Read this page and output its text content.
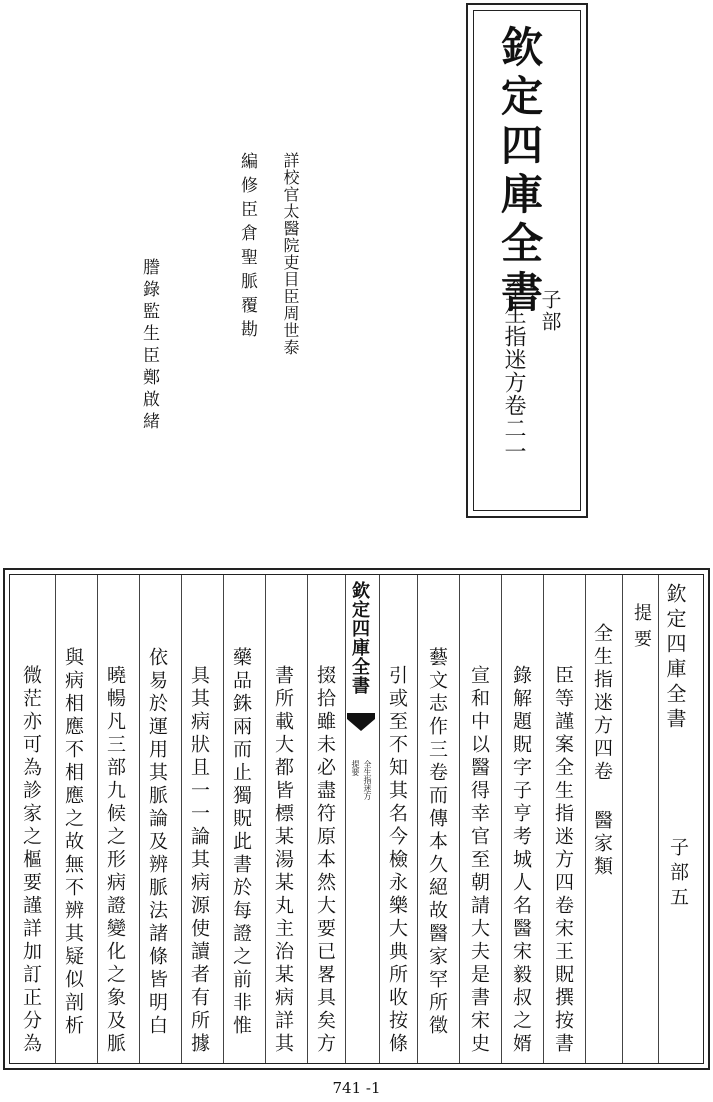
欽定四庫全書
子部
全生指迷方卷二一
詳校官太醫院吏目臣周世泰
編修臣倉聖脈覆勘
謄錄監生臣鄭啟緒
欽定四庫全書
子部五
提要
全生指迷方四卷 醫家類
臣等謹案全生指迷方四卷宋王貺撰按書
錄解題貺字子亨考城人名醫宋毅叔之婿
宣和中以醫得幸官至朝請大夫是書宋史
藝文志作三卷而傳本久絕故醫家罕所徵
引或至不知其名今檢永樂大典所收按條
欽定四庫全書
全生指迷方
提要
掇拾雖未必盡符原本然大要已畧具矣方
書所載大都皆標某湯某丸主治某病詳其
藥品銖兩而止獨貺此書於每證之前非惟
具其病狀且一一論其病源使讀者有所據
依易於運用其脈論及辨脈法諸條皆明白
曉暢凡三部九候之形病證變化之象及脈
與病相應不相應之故無不辨其疑似剖析
微茫亦可為診家之樞要謹詳加訂正分為
741 -1
